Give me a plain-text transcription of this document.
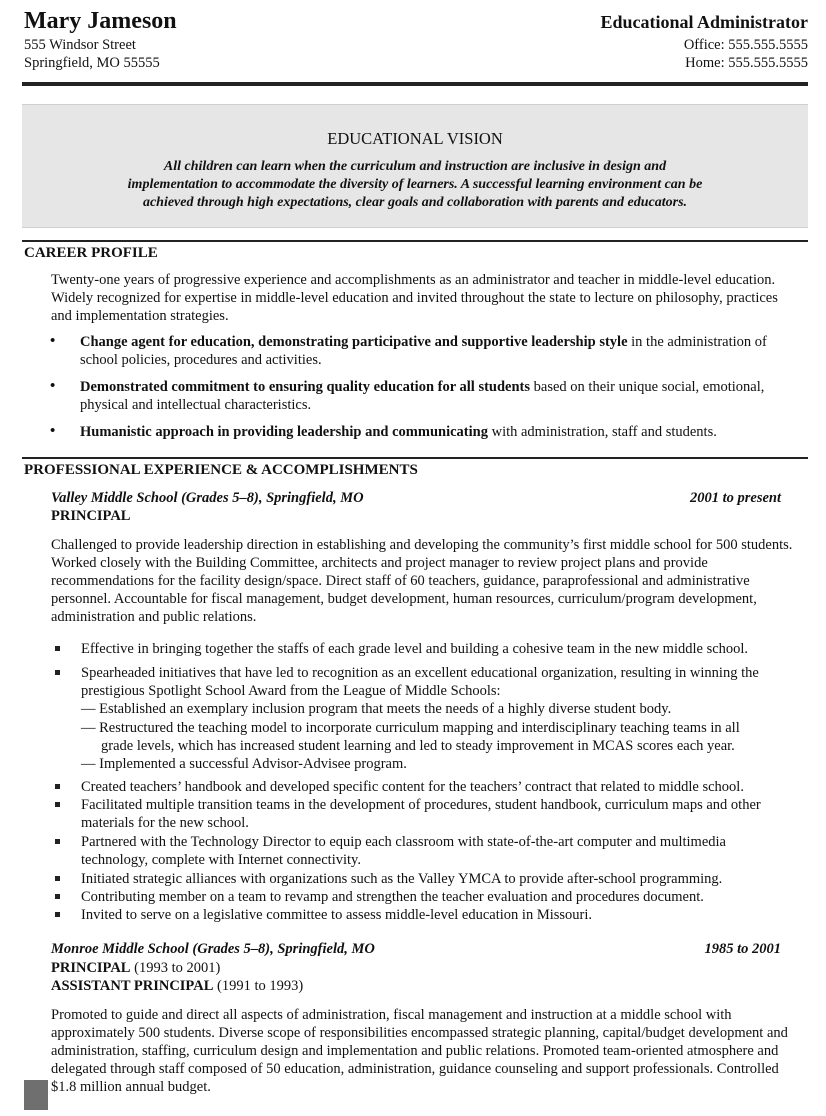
Mary Jameson
555 Windsor Street
Springfield, MO 55555
Educational Administrator
Office: 555.555.5555
Home: 555.555.5555
EDUCATIONAL VISION
All children can learn when the curriculum and instruction are inclusive in design and
implementation to accommodate the diversity of learners. A successful learning environment can be
achieved through high expectations, clear goals and collaboration with parents and educators.
CAREER PROFILE
Twenty-one years of progressive experience and accomplishments as an administrator and teacher in middle-level education. Widely recognized for expertise in middle-level education and invited throughout the state to lecture on philosophy, practices and implementation strategies.
• Change agent for education, demonstrating participative and supportive leadership style in the administration of school policies, procedures and activities.
• Demonstrated commitment to ensuring quality education for all students based on their unique social, emotional, physical and intellectual characteristics.
• Humanistic approach in providing leadership and communicating with administration, staff and students.
PROFESSIONAL EXPERIENCE & ACCOMPLISHMENTS
Valley Middle School (Grades 5–8), Springfield, MO	2001 to present
PRINCIPAL
Challenged to provide leadership direction in establishing and developing the community’s first middle school for 500 students. Worked closely with the Building Committee, architects and project manager to review project plans and provide recommendations for the facility design/space. Direct staff of 60 teachers, guidance, paraprofessional and administrative personnel. Accountable for fiscal management, budget development, human resources, curriculum/program development, administration and public relations.
Effective in bringing together the staffs of each grade level and building a cohesive team in the new middle school.
Spearheaded initiatives that have led to recognition as an excellent educational organization, resulting in winning the prestigious Spotlight School Award from the League of Middle Schools:
— Established an exemplary inclusion program that meets the needs of a highly diverse student body.
— Restructured the teaching model to incorporate curriculum mapping and interdisciplinary teaching teams in all
grade levels, which has increased student learning and led to steady improvement in MCAS scores each year.
— Implemented a successful Advisor-Advisee program.
Created teachers’ handbook and developed specific content for the teachers’ contract that related to middle school.
Facilitated multiple transition teams in the development of procedures, student handbook, curriculum maps and other materials for the new school.
Partnered with the Technology Director to equip each classroom with state-of-the-art computer and multimedia technology, complete with Internet connectivity.
Initiated strategic alliances with organizations such as the Valley YMCA to provide after-school programming.
Contributing member on a team to revamp and strengthen the teacher evaluation and procedures document.
Invited to serve on a legislative committee to assess middle-level education in Missouri.
Monroe Middle School (Grades 5–8), Springfield, MO	1985 to 2001
PRINCIPAL (1993 to 2001)
ASSISTANT PRINCIPAL (1991 to 1993)
Promoted to guide and direct all aspects of administration, fiscal management and instruction at a middle school with approximately 500 students. Diverse scope of responsibilities encompassed strategic planning, capital/budget development and administration, staffing, curriculum design and implementation and public relations. Promoted team-oriented atmosphere and delegated through staff composed of 50 education, administration, guidance counseling and support professionals. Controlled $1.8 million annual budget.
